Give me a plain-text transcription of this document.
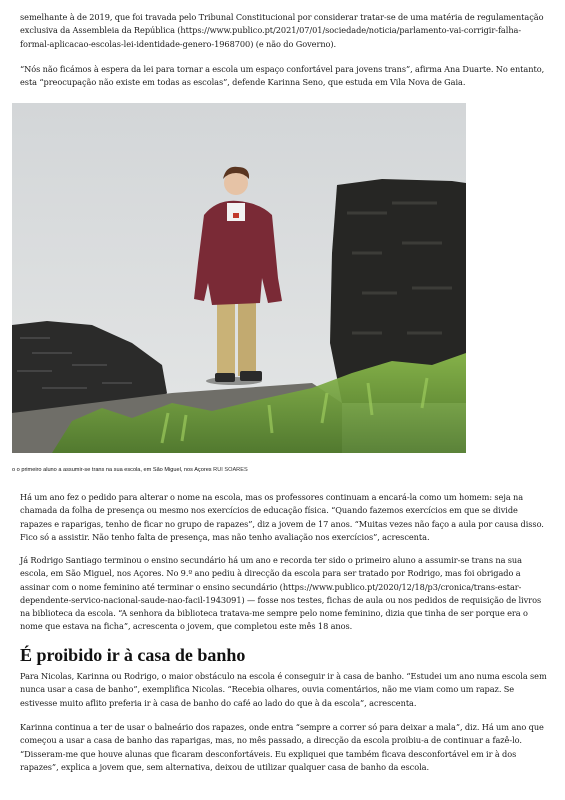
semelhante à de 2019, que foi travada pelo Tribunal Constitucional por considerar tratar-se de uma matéria de regulamentação exclusiva da Assembleia da República (https://www.publico.pt/2021/07/01/sociedade/noticia/parlamento-vai-corrigir-falha-formal-aplicacao-escolas-lei-identidade-genero-1968700) (e não do Governo).

“Nós não ficámos à espera da lei para tornar a escola um espaço confortável para jovens trans”, afirma Ana Duarte. No entanto, esta “preocupação não existe em todas as escolas”, defende Karinna Seno, que estuda em Vila Nova de Gaia.

o o primeiro aluno a assumir-se trans na sua escola, em São Miguel, nos Açores RUI SOARES

Há um ano fez o pedido para alterar o nome na escola, mas os professores continuam a encará-la como um homem: seja na chamada da folha de presença ou mesmo nos exercícios de educação física. “Quando fazemos exercícios em que se divide rapazes e raparigas, tenho de ficar no grupo de rapazes”, diz a jovem de 17 anos. “Muitas vezes não faço a aula por causa disso. Fico só a assistir. Não tenho falta de presença, mas não tenho avaliação nos exercícios”, acrescenta.

Já Rodrigo Santiago terminou o ensino secundário há um ano e recorda ter sido o primeiro aluno a assumir-se trans na sua escola, em São Miguel, nos Açores. No 9.º ano pediu à direcção da escola para ser tratado por Rodrigo, mas foi obrigado a assinar com o nome feminino até terminar o ensino secundário (https://www.publico.pt/2020/12/18/p3/cronica/trans-estar-dependente-servico-nacional-saude-nao-facil-1943091) — fosse nos testes, fichas de aula ou nos pedidos de requisição de livros na biblioteca da escola. “A senhora da biblioteca tratava-me sempre pelo nome feminino, dizia que tinha de ser porque era o nome que estava na ficha”, acrescenta o jovem, que completou este mês 18 anos.

É proibido ir à casa de banho

Para Nicolas, Karinna ou Rodrigo, o maior obstáculo na escola é conseguir ir à casa de banho. “Estudei um ano numa escola sem nunca usar a casa de banho”, exemplifica Nicolas. “Recebia olhares, ouvia comentários, não me viam como um rapaz. Se estivesse muito aflito preferia ir à casa de banho do café ao lado do que à da escola”, acrescenta.

Karinna continua a ter de usar o balneário dos rapazes, onde entra “sempre a correr só para deixar a mala”, diz. Há um ano que começou a usar a casa de banho das raparigas, mas, no mês passado, a direcção da escola proibiu-a de continuar a fazê-lo. “Disseram-me que houve alunas que ficaram desconfortáveis. Eu expliquei que também ficava desconfortável em ir à dos rapazes”, explica a jovem que, sem alternativa, deixou de utilizar qualquer casa de banho da escola.
